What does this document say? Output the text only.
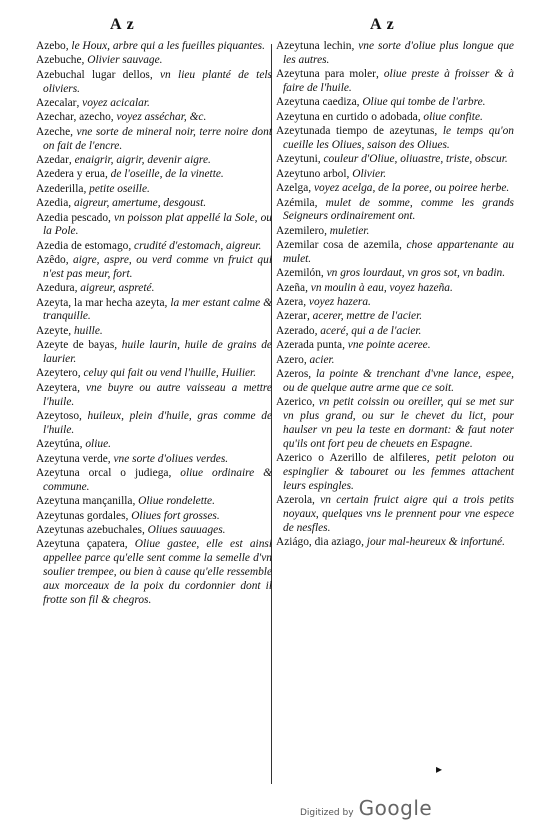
A z	A z

Azebo, le Houx, arbre qui a les fueilles piquantes.

Azebuche, Olivier sauvage.

Azebuchal lugar dellos, vn lieu planté de tels oliviers.

Azecalar, voyez acicalar.

Azechar, azecho, voyez asséchar, &c.

Azeche, vne sorte de mineral noir, terre noire dont on fait de l'encre.

Azedar, enaigrir, aigrir, devenir aigre.

Azedera y erua, de l'oseille, de la vinette.

Azederilla, petite oseille.

Azedia, aigreur, amertume, desgoust.

Azedia pescado, vn poisson plat appellé la Sole, ou la Pole.

Azedia de estomago, crudité d'estomach, aigreur.

Azêdo, aigre, aspre, ou verd comme vn fruict qui n'est pas meur, fort.

Azedura, aigreur, aspreté.

Azeyta, la mar hecha azeyta, la mer estant calme & tranquille.

Azeyte, huille.

Azeyte de bayas, huile laurin, huile de grains de laurier.

Azeytero, celuy qui fait ou vend l'huille, Huilier.

Azeytera, vne buyre ou autre vaisseau a mettre l'huile.

Azeytoso, huileux, plein d'huile, gras comme de l'huile.

Azeytúna, oliue.

Azeytuna verde, vne sorte d'oliues verdes.

Azeytuna orcal o judiega, oliue ordinaire & commune.

Azeytuna mançanilla, Oliue rondelette.

Azeytunas gordales, Oliues fort grosses.

Azeytunas azebuchales, Oliues sauuages.

Azeytuna çapatera, Oliue gastee, elle est ainsi appellee parce qu'elle sent comme la semelle d'vn soulier trempee, ou bien à cause qu'elle ressemble aux morceaux de la poix du cordonnier dont il frotte son fil & chegros.

Azeytuna lechin, vne sorte d'oliue plus longue que les autres.

Azeytuna para moler, oliue preste à froisser & à faire de l'huile.

Azeytuna caediza, Oliue qui tombe de l'arbre.

Azeytuna en curtido o adobada, oliue confite.

Azeytunada tiempo de azeytunas, le temps qu'on cueille les Oliues, saison des Oliues.

Azeytuni, couleur d'Oliue, oliuastre, triste, obscur.

Azeytuno arbol, Olivier.

Azelga, voyez acelga, de la poree, ou poiree herbe.

Azémila, mulet de somme, comme les grands Seigneurs ordinairement ont.

Azemilero, muletier.

Azemilar cosa de azemila, chose appartenante au mulet.

Azemilón, vn gros lourdaut, vn gros sot, vn badin.

Azeña, vn moulin à eau, voyez hazeña.

Azera, voyez hazera.

Azerar, acerer, mettre de l'acier.

Azerado, aceré, qui a de l'acier.

Azerada punta, vne pointe aceree.

Azero, acier.

Azeros, la pointe & trenchant d'vne lance, espee, ou de quelque autre arme que ce soit.

Azerico, vn petit coissin ou oreiller, qui se met sur vn plus grand, ou sur le chevet du lict, pour haulser vn peu la teste en dormant: & faut noter qu'ils ont fort peu de cheuets en Espagne.

Azerico o Azerillo de alfileres, petit peloton ou espinglier & tabouret ou les femmes attachent leurs espingles.

Azerola, vn certain fruict aigre qui a trois petits noyaux, quelques vns le prennent pour vne espece de nesfles.

Aziágo, dia aziago, jour mal-heureux & infortuné.

▸
Digitized by Google
